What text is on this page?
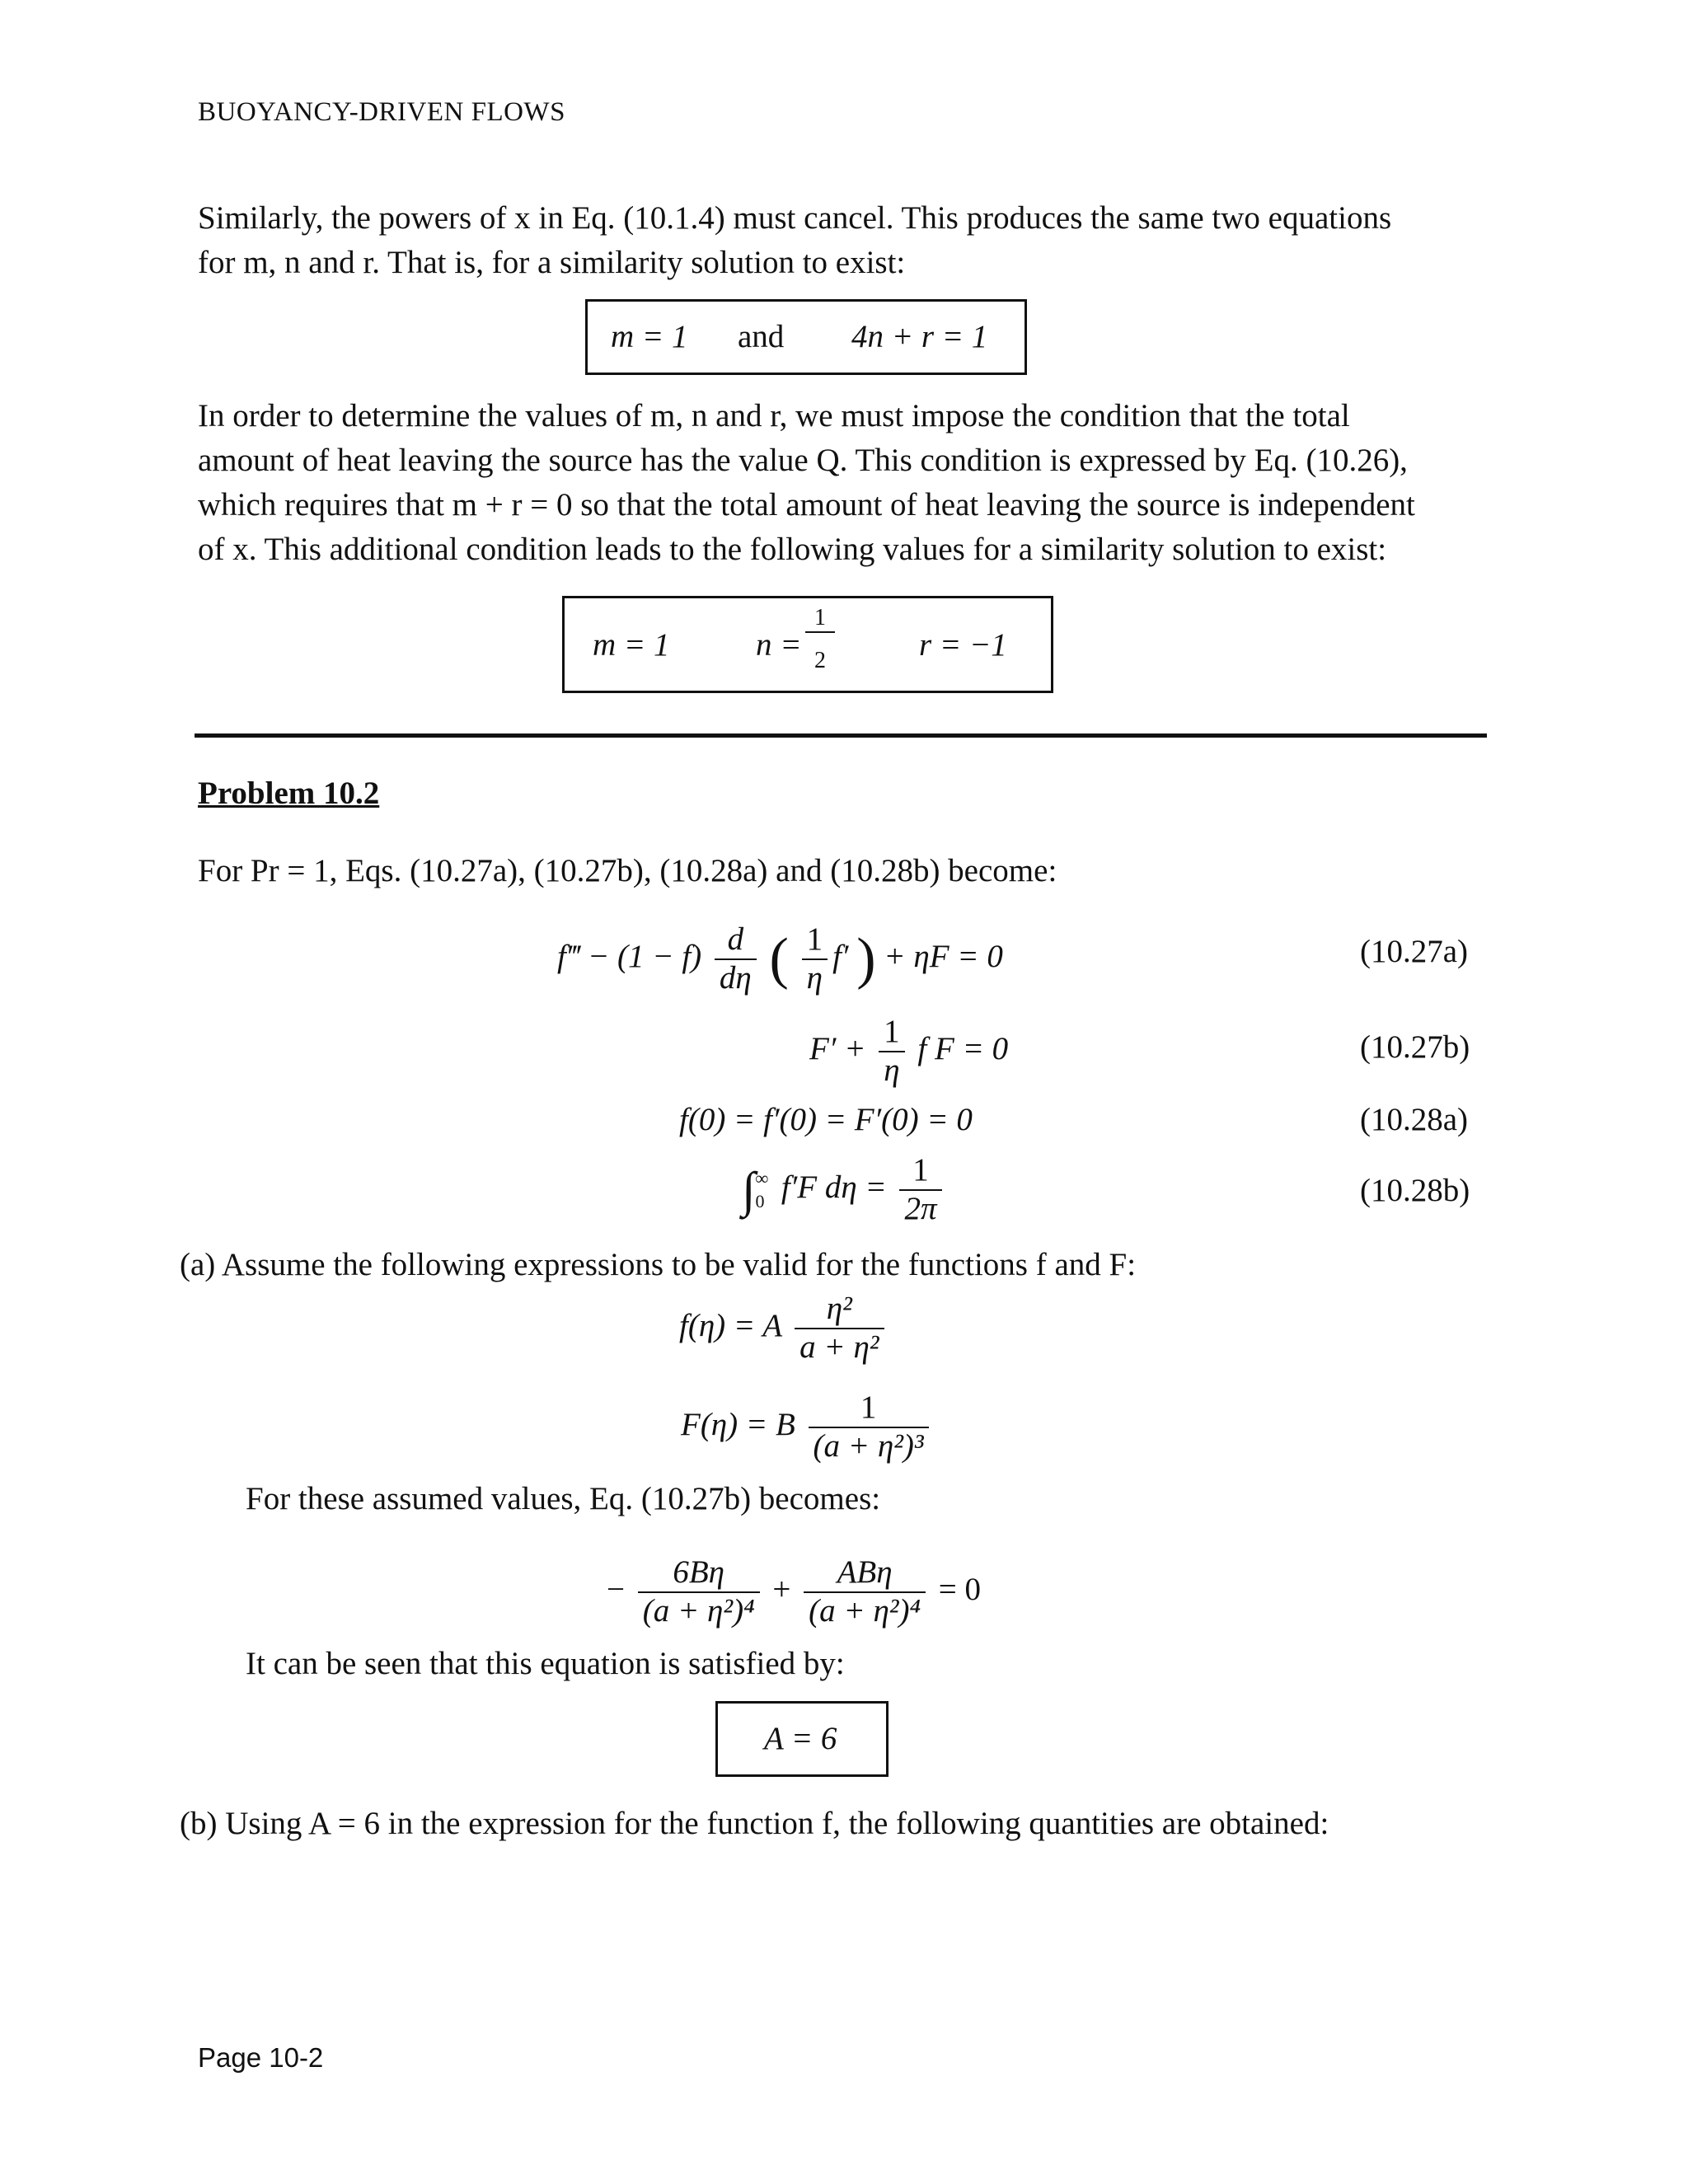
BUOYANCY-DRIVEN FLOWS
Similarly, the powers of x in Eq. (10.1.4) must cancel. This produces the same two equations
for m, n and r. That is, for a similarity solution to exist:
m = 1 and 4n + r = 1
In order to determine the values of m, n and r, we must impose the condition that the total
amount of heat leaving the source has the value Q. This condition is expressed by Eq. (10.26),
which requires that m + r = 0 so that the total amount of heat leaving the source is independent
of x. This additional condition leads to the following values for a similarity solution to exist:
m = 1	n =
1
2	r = −1
Problem 10.2
For Pr = 1, Eqs. (10.27a), (10.27b), (10.28a) and (10.28b) become:
f‴ − $(1 - f) \frac{d}{d\eta}$ ( $\frac{1}{\eta} f'$ ) + ηF = 0	(10.27a)
$F' + \frac{1}{\eta}$ f F = 0	(10.27b)
f(0) = f′(0) = F′(0) = 0	(10.28a)
∫ ∞
0 f′F $d\eta = \frac{1}{2\pi}$	(10.28b)
(a) Assume the following expressions to be valid for the functions f and F:
f(η) = A $\frac{\text{η²}}{\text{a + η²}}$
F(η) = B $\frac{1}{\text{(a + η²)³}}$
For these assumed values, Eq. (10.27b) becomes:
− $\frac{6B\eta}{\text{(a + η²)⁴}} + \frac{\text{ABη}}{\text{(a + η²)⁴}} = 0$
It can be seen that this equation is satisfied by:
A = 6
(b) Using A = 6 in the expression for the function f, the following quantities are obtained:
Page 10-2
